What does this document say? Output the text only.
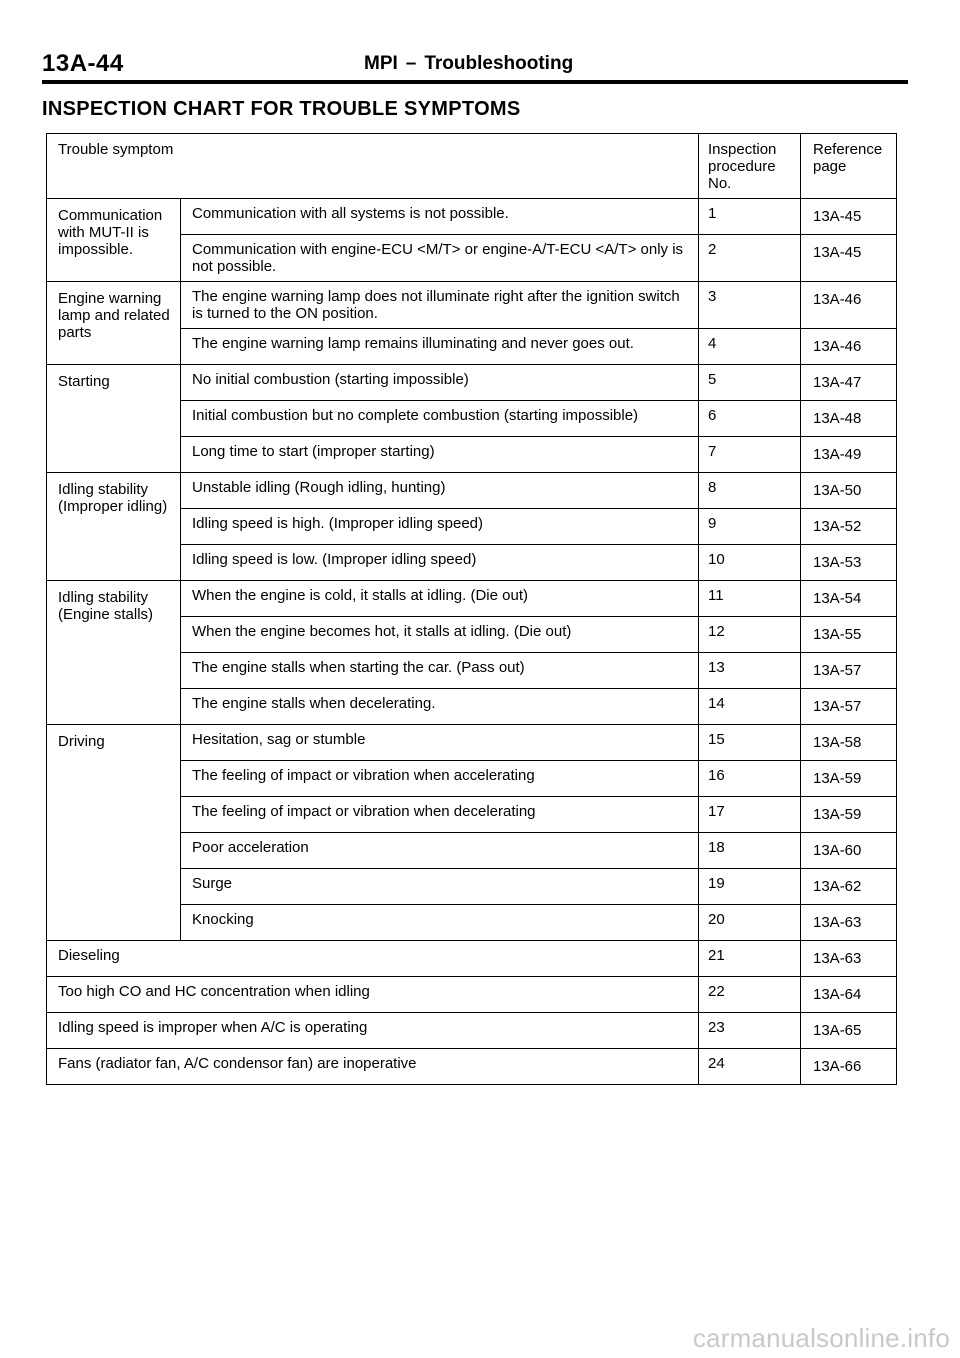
13A-44	MPI – Troubleshooting
INSPECTION CHART FOR TROUBLE SYMPTOMS
Trouble symptom		Inspection procedure No.	Reference page
Communication with MUT-II is impossible.	Communication with all systems is not possible.	1	13A-45
	Communication with engine-ECU <M/T> or engine-A/T-ECU <A/T> only is not possible.	2	13A-45
Engine warning lamp and related parts	The engine warning lamp does not illuminate right after the ignition switch is turned to the ON position.	3	13A-46
	The engine warning lamp remains illuminating and never goes out.	4	13A-46
Starting	No initial combustion (starting impossible)	5	13A-47
	Initial combustion but no complete combustion (starting impossible)	6	13A-48
	Long time to start (improper starting)	7	13A-49
Idling stability (Improper idling)	Unstable idling (Rough idling, hunting)	8	13A-50
	Idling speed is high. (Improper idling speed)	9	13A-52
	Idling speed is low. (Improper idling speed)	10	13A-53
Idling stability (Engine stalls)	When the engine is cold, it stalls at idling. (Die out)	11	13A-54
	When the engine becomes hot, it stalls at idling. (Die out)	12	13A-55
	The engine stalls when starting the car. (Pass out)	13	13A-57
	The engine stalls when decelerating.	14	13A-57
Driving	Hesitation, sag or stumble	15	13A-58
	The feeling of impact or vibration when accelerating	16	13A-59
	The feeling of impact or vibration when decelerating	17	13A-59
	Poor acceleration	18	13A-60
	Surge	19	13A-62
	Knocking	20	13A-63
Dieseling		21	13A-63
Too high CO and HC concentration when idling		22	13A-64
Idling speed is improper when A/C is operating		23	13A-65
Fans (radiator fan, A/C condensor fan) are inoperative		24	13A-66
carmanualsonline.info
